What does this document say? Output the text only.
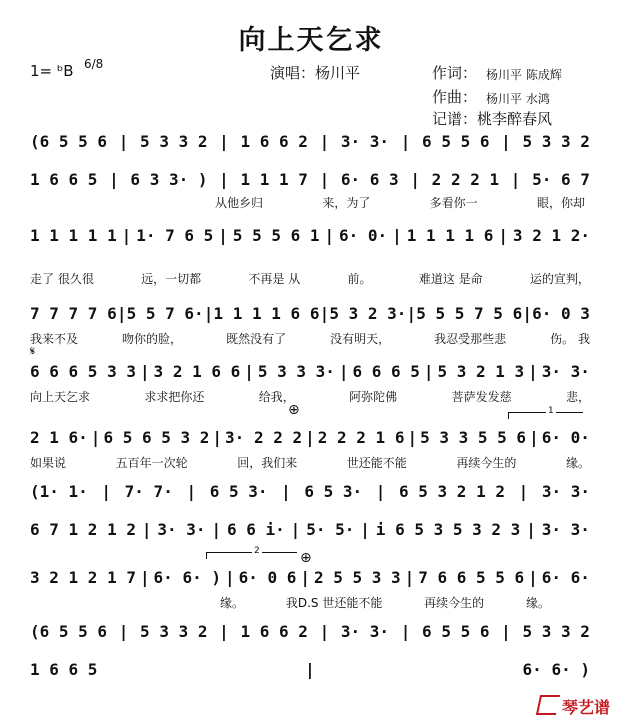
向上天乞求
1= ᵇB 6/8	演唱：杨川平	作词： 杨川平 陈成辉
作曲： 杨川平 水鸿
记谱：桃李醉春风
(6 5 5 6 | 5 3 3 2 | 1 6 6 2 | 3· 3· | 6 5 5 6 | 5 3 3 2
1 6 6 5 | 6 3 3· ) | 1 1 1 7 | 6· 6 3 | 2 2 2 1 | 5· 6 7
从他乡归	来，为了	多看你一	眼，你却
1 1 1 1 1 | 1· 7 6 5 | 5 5 5 6 1 | 6· 0· | 1 1 1 1 6 | 3 2 1 2·
走了 很久很	远，一切都	不再是 从	前。	难道这 是命	运的宣判，
7 7 7 7 6 | 5 5 7 6· | 1 1 1 1 6 6 | 5 3 2 3· | 5 5 5 7 5 6 | 6· 0 3
我来不及	吻你的脸，	既然没有了	没有明天，	我忍受那些悲	伤。 我
6 6 6 5 3 3 | 3 2 1 6 6 | 5 3 3 3· | 6 6 6 5 | 5 3 2 1 3 | 3· 3·
向上天乞求	求求把你还	给我，	阿弥陀佛	菩萨发发慈	悲，
2 1 6· | 6 5 6 5 3 2 | 3· 2 2 2 | 2 2 2 1 6 | 5 3 3 5 5 6 | 6· 0·
如果说	五百年一次轮	回，我们来	世还能不能	再续今生的	缘。
(1· 1· | 7· 7· | 6 5 3· | 6 5 3· | 6 5 3 2 1 2 | 3· 3·
6 7 1 2 1 2 | 3· 3· | 6 6 i· | 5· 5· | i 6 5 3 5 3 2 3 | 3· 3·
3 2 1 2 1 7 | 6· 6· ) | 6· 0 6 | 2 5 5 3 3 | 7 6 6 5 5 6 | 6· 6·
缘。	我D.S 世还能不能	再续今生的	缘。
(6 5 5 6 | 5 3 3 2 | 1 6 6 2 | 3· 3· | 6 5 5 6 | 5 3 3 2
1 6 6 5	|	6· 6· )
𝄋
⊕
⊕
1
2
琴艺谱
